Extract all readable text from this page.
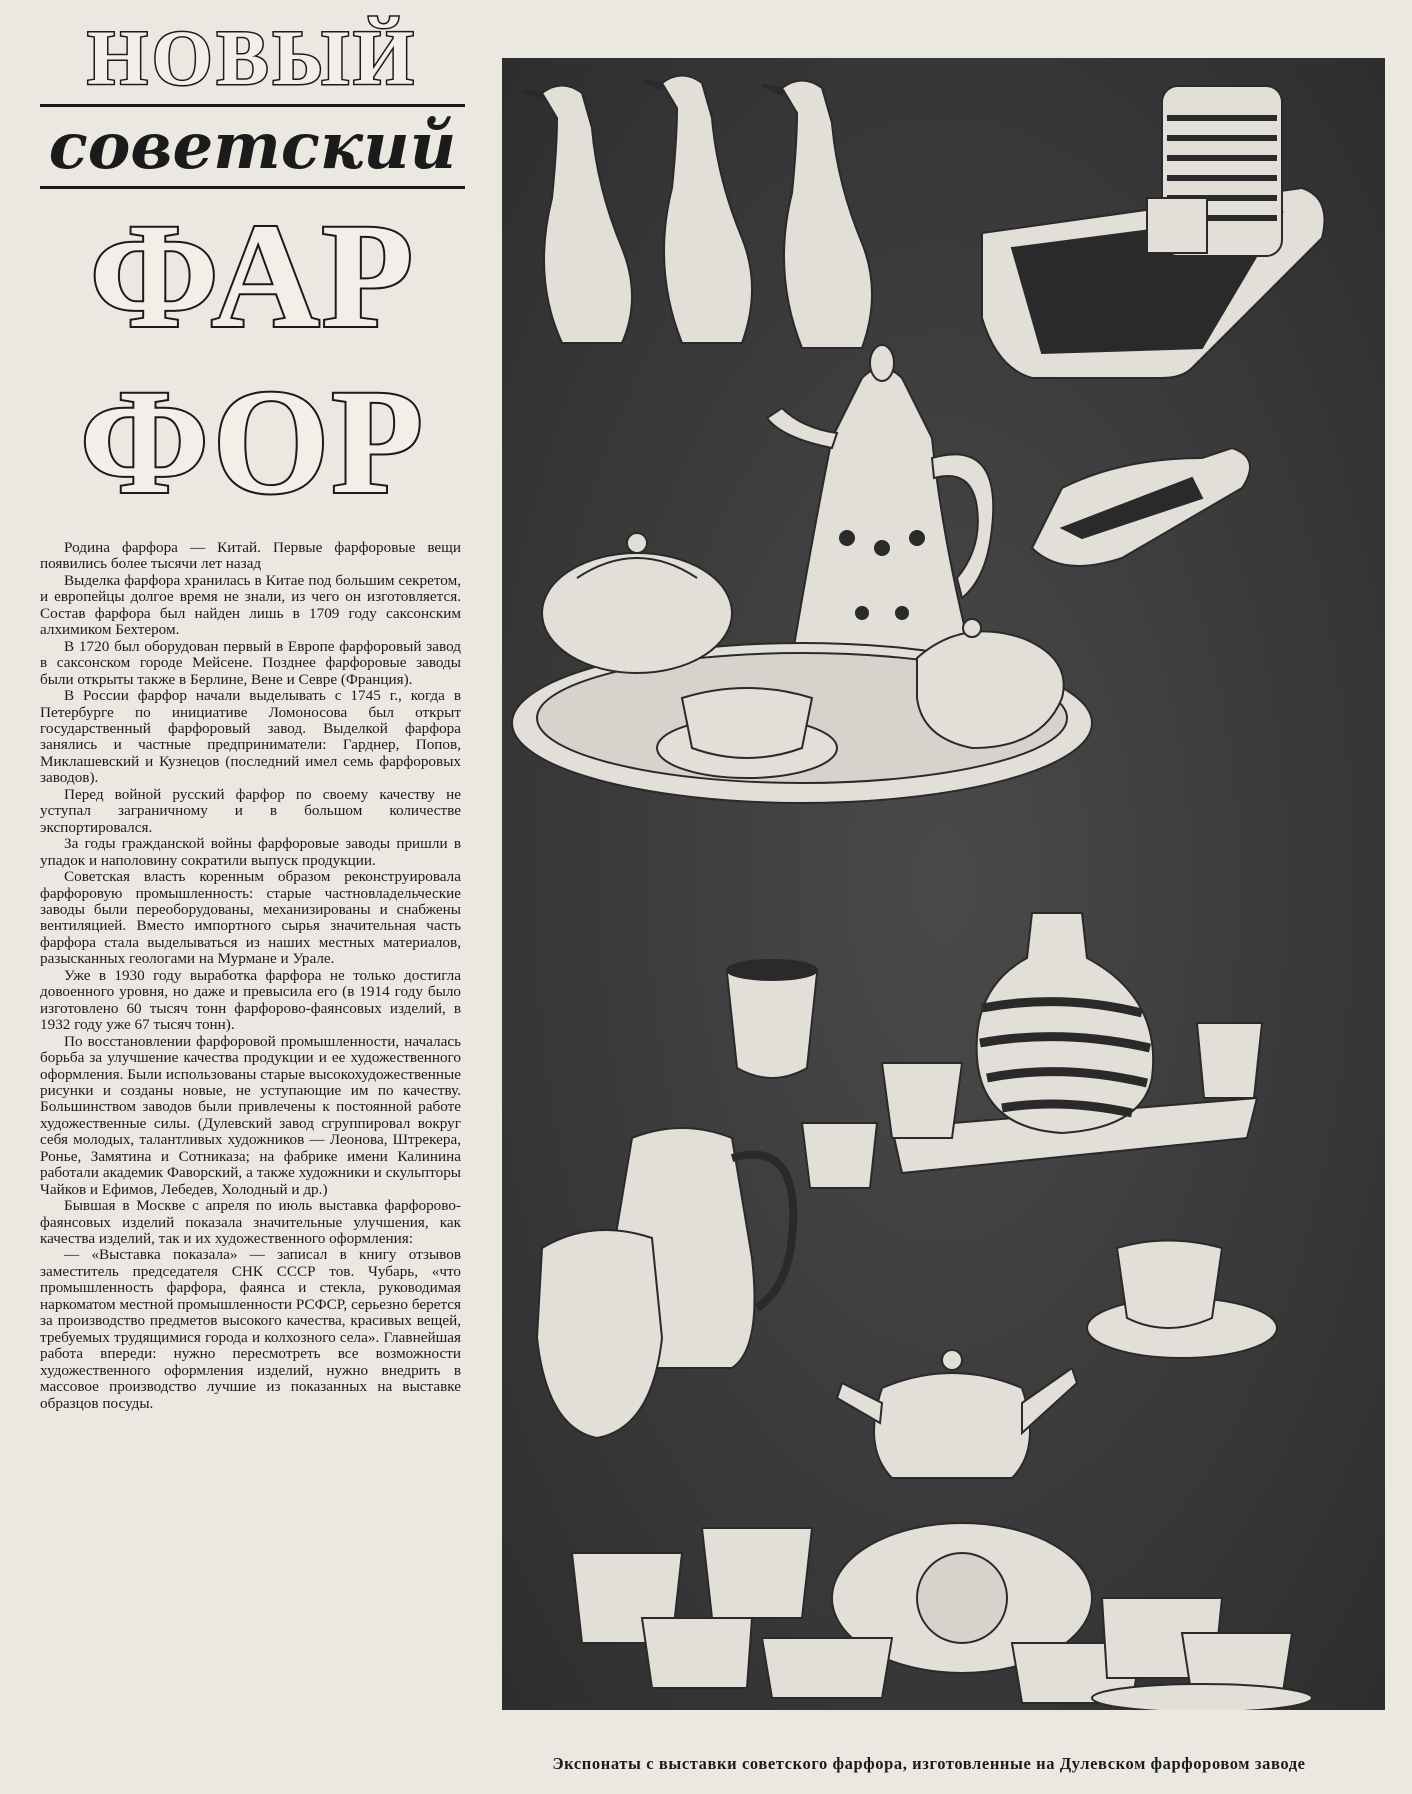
НОВЫЙ
советский
ФАР
ФОР

Родина фарфора — Китай. Первые фарфоровые вещи появились более тысячи лет назад

Выделка фарфора хранилась в Китае под большим секретом, и европейцы долгое время не знали, из чего он изготовляется. Состав фарфора был найден лишь в 1709 году саксонским алхимиком Бехтером.

В 1720 был оборудован первый в Европе фарфоровый завод в саксонском городе Мейсене. Позднее фарфоровые заводы были открыты также в Берлине, Вене и Севре (Франция).

В России фарфор начали выделывать с 1745 г., когда в Петербурге по инициативе Ломоносова был открыт государственный фарфоровый завод. Выделкой фарфора занялись и частные предприниматели: Гарднер, Попов, Миклашевский и Кузнецов (последний имел семь фарфоровых заводов).

Перед войной русский фарфор по своему качеству не уступал заграничному и в большом количестве экспортировался.

За годы гражданской войны фарфоровые заводы пришли в упадок и наполовину сократили выпуск продукции.

Советская власть коренным образом реконструировала фарфоровую промышленность: старые частновладельческие заводы были переоборудованы, механизированы и снабжены вентиляцией. Вместо импортного сырья значительная часть фарфора стала выделываться из наших местных материалов, разысканных геологами на Мурмане и Урале.

Уже в 1930 году выработка фарфора не только достигла довоенного уровня, но даже и превысила его (в 1914 году было изготовлено 60 тысяч тонн фарфорово-фаянсовых изделий, в 1932 году уже 67 тысяч тонн).

По восстановлении фарфоровой промышленности, началась борьба за улучшение качества продукции и ее художественного оформления. Были использованы старые высокохудожественные рисунки и созданы новые, не уступающие им по качеству. Большинством заводов были привлечены к постоянной работе художественные силы. (Дулевский завод сгруппировал вокруг себя молодых, талантливых художников — Леонова, Штрекера, Ронье, Замятина и Сотниказа; на фабрике имени Калинина работали академик Фаворский, а также художники и скульпторы Чайков и Ефимов, Лебедев, Холодный и др.)

Бывшая в Москве с апреля по июль выставка фарфорово-фаянсовых изделий показала значительные улучшения, как качества изделий, так и их художественного оформления:

— «Выставка показала» — записал в книгу отзывов заместитель председателя СНК СССР тов. Чубарь, «что промышленность фарфора, фаянса и стекла, руководимая наркоматом местной промышленности РСФСР, серьезно берется за производство предметов высокого качества, красивых вещей, требуемых трудящимися города и колхозного села». Главнейшая работа впереди: нужно пересмотреть все возможности художественного оформления изделий, нужно внедрить в массовое производство лучшие из показанных на выставке образцов посуды.

Экспонаты с выставки советского фарфора, изготовленные на Дулевском фарфоровом заводе
